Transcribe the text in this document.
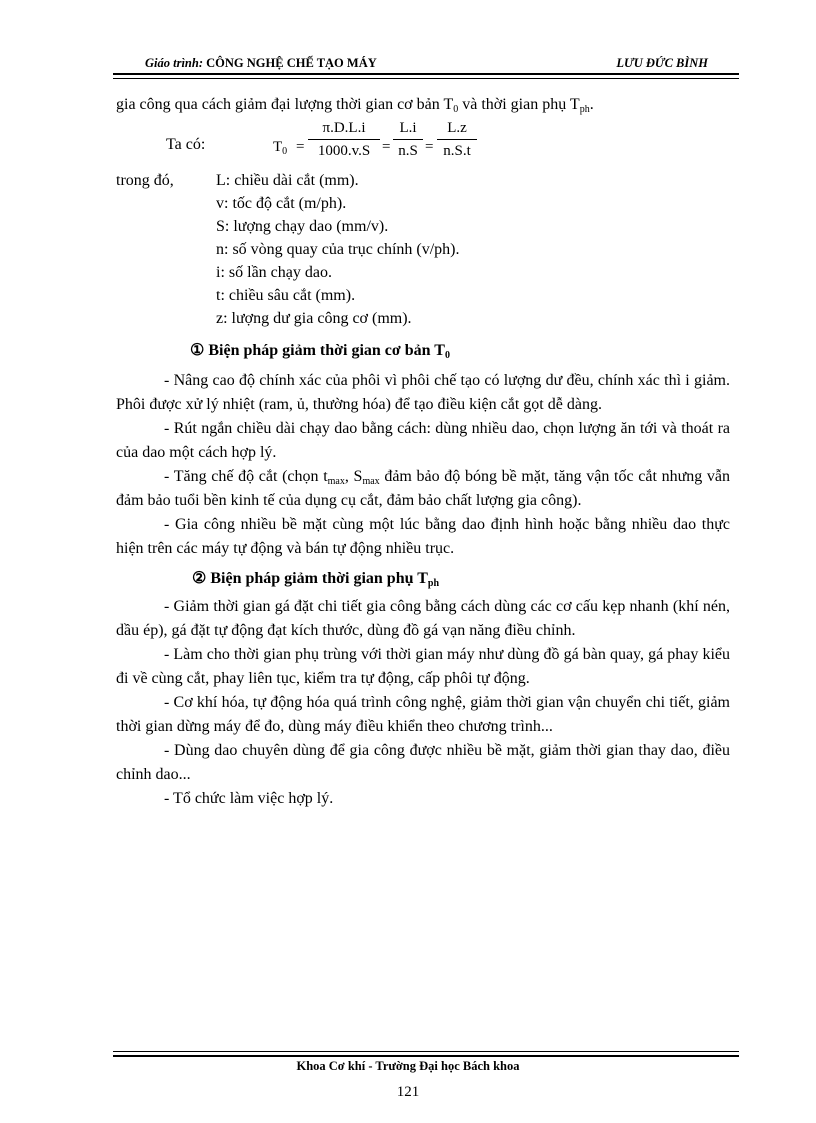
Giáo trình: CÔNG NGHỆ CHẾ TẠO MÁY	LƯU ĐỨC BÌNH
gia công qua cách giảm đại lượng thời gian cơ bản $T_0$ và thời gian phụ $T_{ph}$.
Ta có:	$T_0$ =
π.D.L.i
1000.v.S =
L.i
n.S =
L.z
n.S.t
trong đó,	L: chiều dài cắt (mm).
v: tốc độ cắt (m/ph).
S: lượng chạy dao (mm/v).
n: số vòng quay của trục chính (v/ph).
i: số lần chạy dao.
t: chiều sâu cắt (mm).
z: lượng dư gia công cơ (mm).
① Biện pháp giảm thời gian cơ bản $T_0$

- Nâng cao độ chính xác của phôi vì phôi chế tạo có lượng dư đều, chính xác thì i giảm. Phôi được xử lý nhiệt (ram, ủ, thường hóa) để tạo điều kiện cắt gọt dễ dàng.

- Rút ngắn chiều dài chạy dao bằng cách: dùng nhiều dao, chọn lượng ăn tới và thoát ra của dao một cách hợp lý.

- Tăng chế độ cắt (chọn $t_{max}$, $S_{max}$ đảm bảo độ bóng bề mặt, tăng vận tốc cắt nhưng vẫn đảm bảo tuổi bền kinh tế của dụng cụ cắt, đảm bảo chất lượng gia công).

- Gia công nhiều bề mặt cùng một lúc bằng dao định hình hoặc bằng nhiều dao thực hiện trên các máy tự động và bán tự động nhiều trục.

② Biện pháp giảm thời gian phụ $T_{ph}$

- Giảm thời gian gá đặt chi tiết gia công bằng cách dùng các cơ cấu kẹp nhanh (khí nén, dầu ép), gá đặt tự động đạt kích thước, dùng đồ gá vạn năng điều chỉnh.

- Làm cho thời gian phụ trùng với thời gian máy như dùng đồ gá bàn quay, gá phay kiểu đi về cùng cắt, phay liên tục, kiểm tra tự động, cấp phôi tự động.

- Cơ khí hóa, tự động hóa quá trình công nghệ, giảm thời gian vận chuyển chi tiết, giảm thời gian dừng máy để đo, dùng máy điều khiển theo chương trình...

- Dùng dao chuyên dùng để gia công được nhiều bề mặt, giảm thời gian thay dao, điều chỉnh dao...

- Tổ chức làm việc hợp lý.

Khoa Cơ khí - Trường Đại học Bách khoa
121
